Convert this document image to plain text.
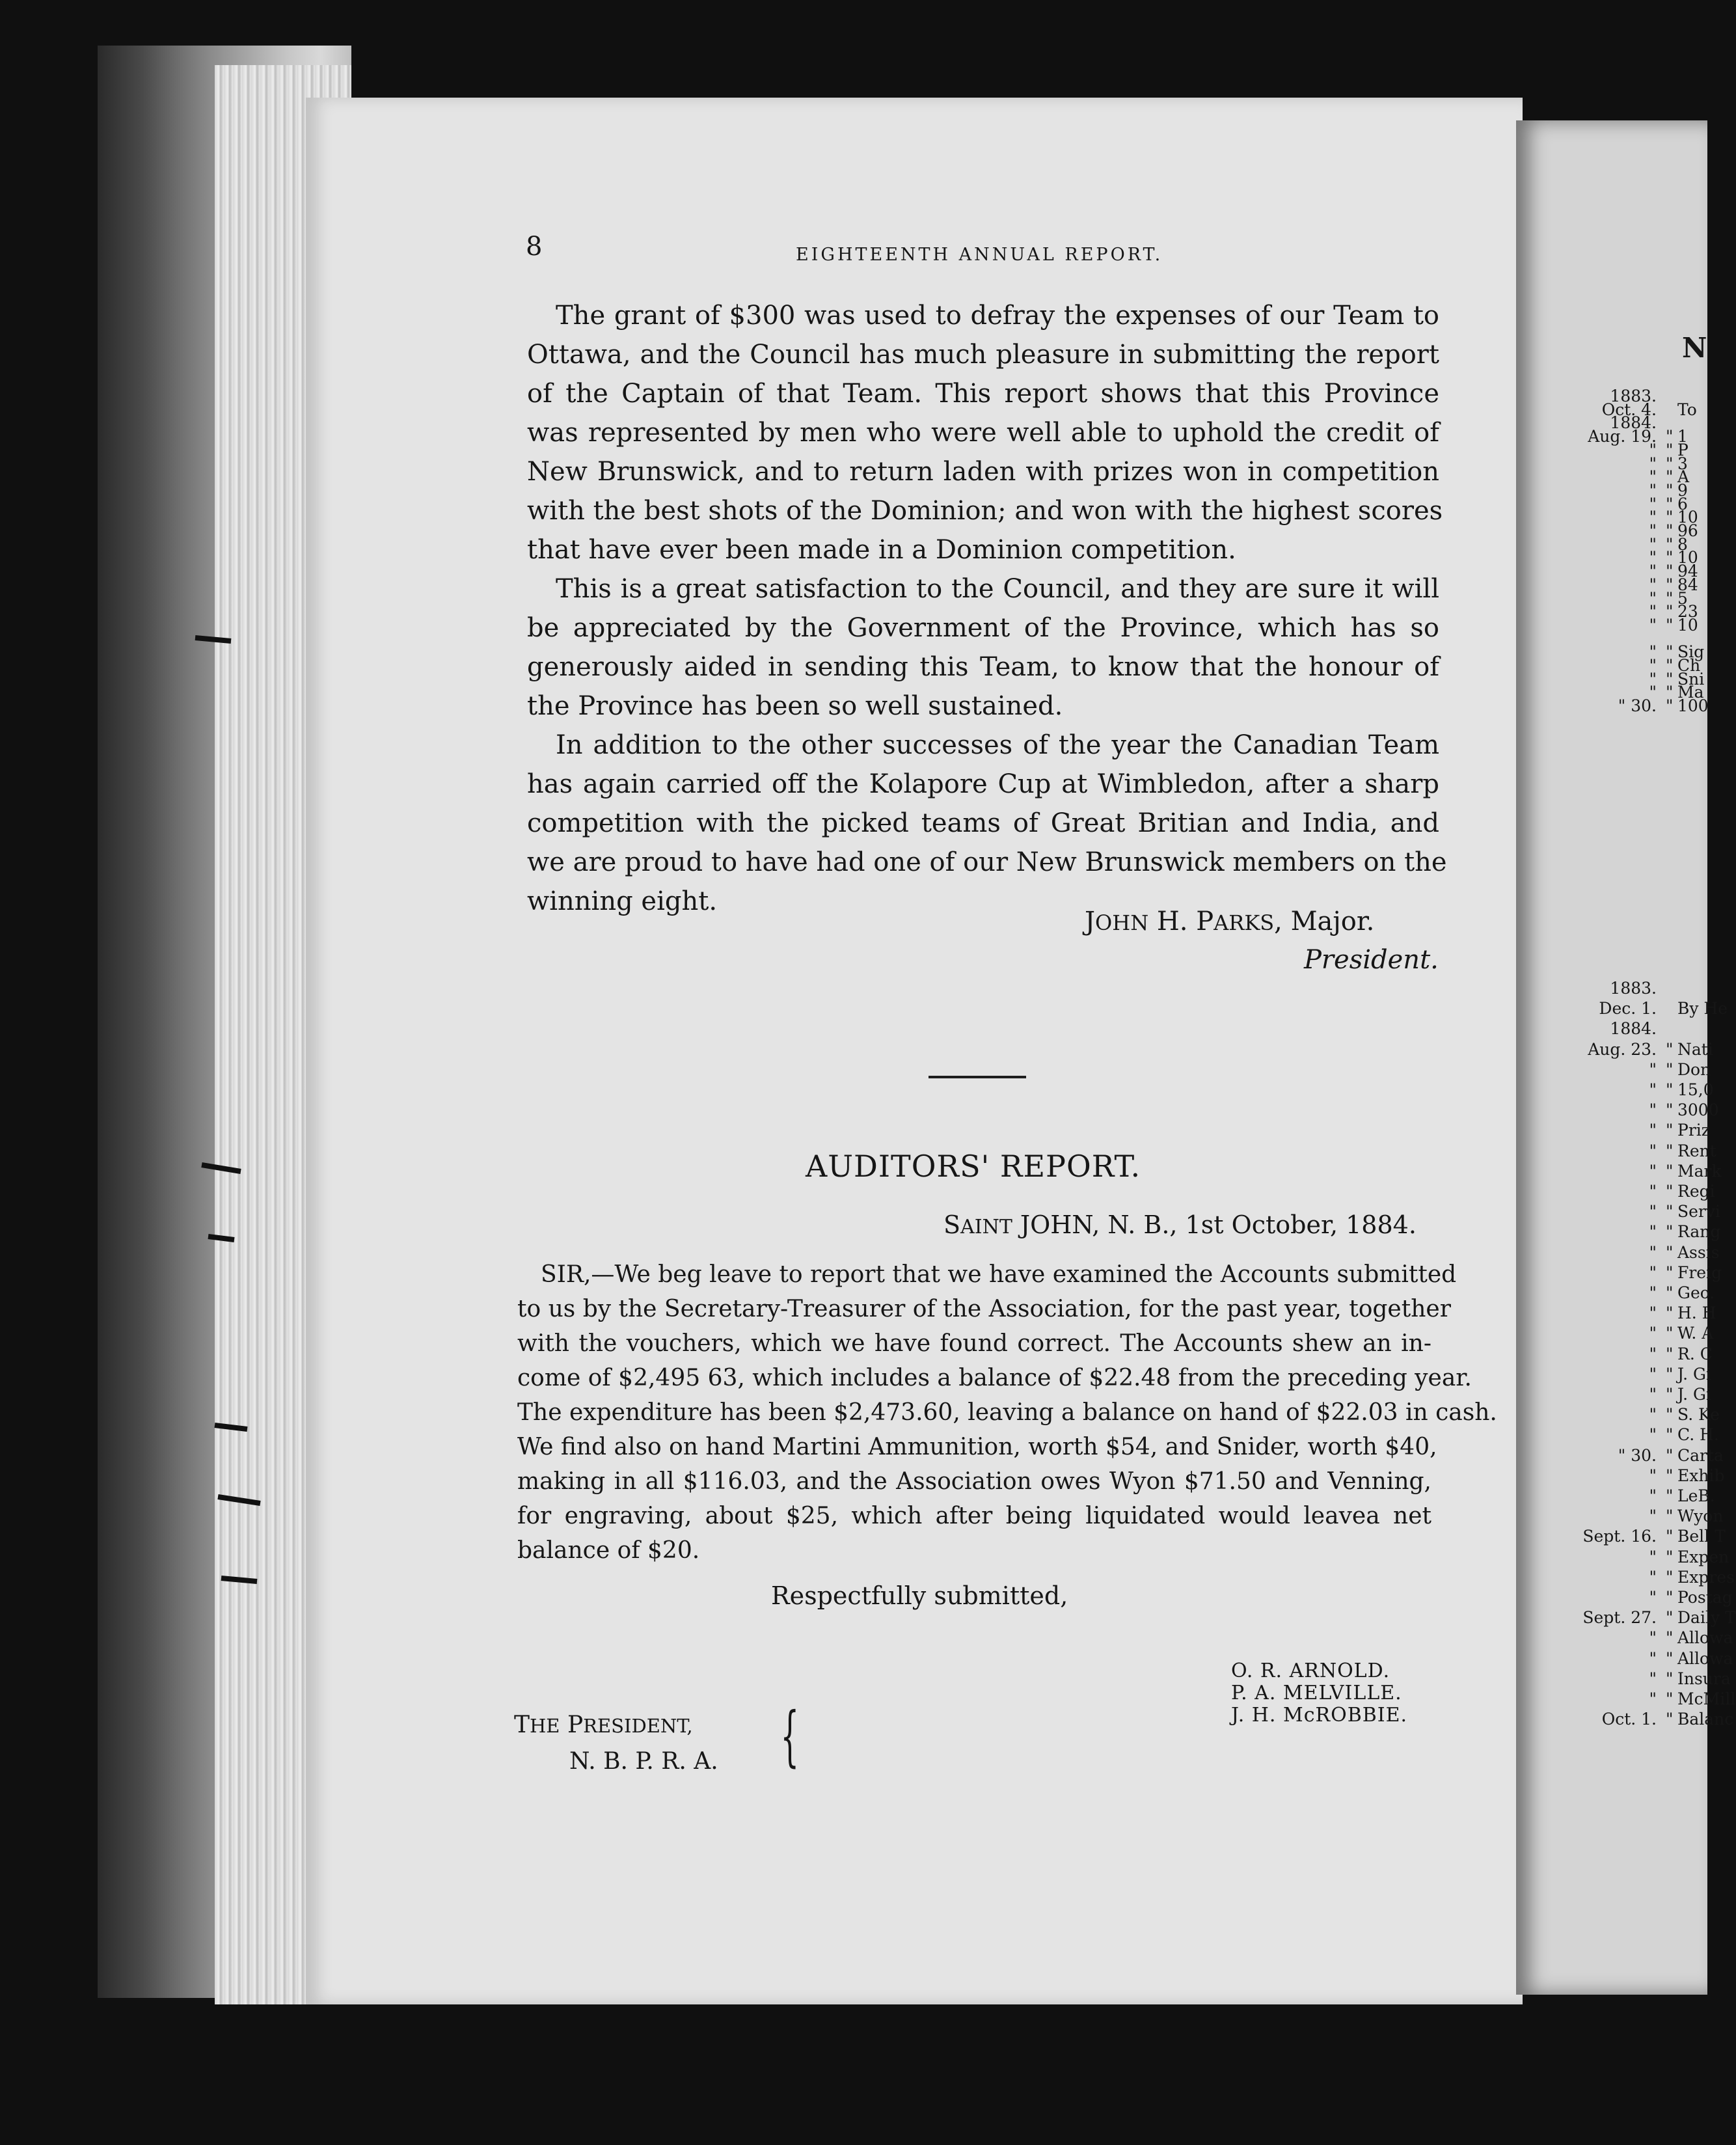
8	EIGHTEENTH ANNUAL REPORT.
The grant of $300 was used to defray the expenses of our Team to
Ottawa, and the Council has much pleasure in submitting the report
of the Captain of that Team. This report shows that this Province
was represented by men who were well able to uphold the credit of
New Brunswick, and to return laden with prizes won in competition
with the best shots of the Dominion; and won with the highest scores
that have ever been made in a Dominion competition.
This is a great satisfaction to the Council, and they are sure it will
be appreciated by the Government of the Province, which has so
generously aided in sending this Team, to know that the honour of
the Province has been so well sustained.
In addition to the other successes of the year the Canadian Team
has again carried off the Kolapore Cup at Wimbledon, after a sharp
competition with the picked teams of Great Britian and India, and
we are proud to have had one of our New Brunswick members on the
winning eight.
JOHN H. PARKS, Major.
President.
AUDITORS' REPORT.
SAINT JOHN, N. B., 1st October, 1884.
SIR,—We beg leave to report that we have examined the Accounts submitted
to us by the Secretary-Treasurer of the Association, for the past year, together
with the vouchers, which we have found correct. The Accounts shew an in-
come of $2,495 63, which includes a balance of $22.48 from the preceding year.
The expenditure has been $2,473.60, leaving a balance on hand of $22.03 in cash.
We find also on hand Martini Ammunition, worth $54, and Snider, worth $40,
making in all $116.03, and the Association owes Wyon $71.50 and Venning,
for engraving, about $25, which after being liquidated would leavea net
balance of $20.
Respectfully submitted,
O. R. ARNOLD.
P. A. MELVILLE.
J. H. McROBBIE.
THE PRESIDENT,
N. B. P. R. A. {
N
1883.
Oct. 4. To
1884.
Aug. 19. " 1
" " P
" " 3
" " A
" " 9
" " 6
" " 10
" " 96
" " 8
" " 10
" " 94
" " 84
" " 5
" " 23
" " 10
" " Sig
" " Ch
" " Sni
" " Ma
" 30. " 100
1883.
Dec. 1. By He
1884.
Aug. 23. " Nati
" " Don
" " 15,0
" " 3000
" " Priz
" " Rent
" " Mark
" " Regi
" " Servi
" " Rang
" " Assis
" " Freig
" " Geo.
" " H. H
" " W. A
" " R. C
" " J. Gi
" " J. Gi
" " S. Ke
" " C. H.
" 30. " Carta
" " Exhib
" " LeB.
" " Wyon
Sept. 16. " Bell T
" " Expen
" " Expres
" " Postag
Sept. 27. " Daily T
" " Allowa
" " Allowa
" " Insura
" " McMill
Oct. 1. " Balanc
